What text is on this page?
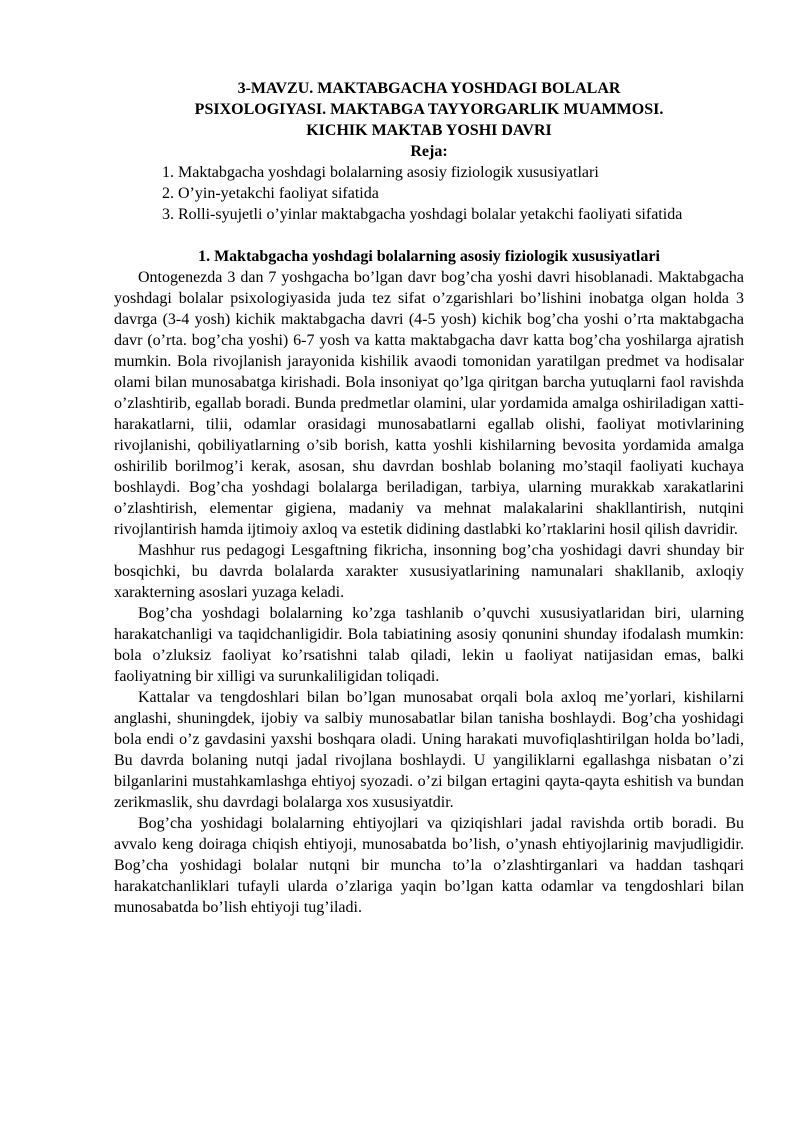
3-MAVZU. MAKTABGACHA YOSHDAGI BOLALAR
PSIXOLOGIYASI. MAKTABGA TAYYORGARLIK MUAMMOSI.
KICHIK MAKTAB YOSHI DAVRI
Reja:

1. Maktabgacha yoshdagi bolalarning asosiy fiziologik xususiyatlari

2. O’yin-yetakchi faoliyat sifatida

3. Rolli-syujetli o’yinlar maktabgacha yoshdagi bolalar yetakchi faoliyati sifatida

1. Maktabgacha yoshdagi bolalarning asosiy fiziologik xususiyatlari

Ontogenezda 3 dan 7 yoshgacha bo’lgan davr bog’cha yoshi davri hisoblanadi. Maktabgacha yoshdagi bolalar psixologiyasida juda tez sifat o’zgarishlari bo’lishini inobatga olgan holda 3 davrga (3-4 yosh) kichik maktabgacha davri (4-5 yosh) kichik bog’cha yoshi o’rta maktabgacha davr (o’rta. bog’cha yoshi) 6-7 yosh va katta maktabgacha davr katta bog’cha yoshilarga ajratish mumkin. Bola rivojlanish jarayonida kishilik avaodi tomonidan yaratilgan predmet va hodisalar olami bilan munosabatga kirishadi. Bola insoniyat qo’lga qiritgan barcha yutuqlarni faol ravishda o’zlashtirib, egallab boradi. Bunda predmetlar olamini, ular yordamida amalga oshiriladigan xatti-harakatlarni, tilii, odamlar orasidagi munosabatlarni egallab olishi, faoliyat motivlarining rivojlanishi, qobiliyatlarning o’sib borish, katta yoshli kishilarning bevosita yordamida amalga oshirilib borilmog’i kerak, asosan, shu davrdan boshlab bolaning mo’staqil faoliyati kuchaya boshlaydi. Bog’cha yoshdagi bolalarga beriladigan, tarbiya, ularning murakkab xarakatlarini o’zlashtirish, elementar gigiena, madaniy va mehnat malakalarini shakllantirish, nutqini rivojlantirish hamda ijtimoiy axloq va estetik didining dastlabki ko’rtaklarini hosil qilish davridir.

Mashhur rus pedagogi Lesgaftning fikricha, insonning bog’cha yoshidagi davri shunday bir bosqichki, bu davrda bolalarda xarakter xususiyatlarining namunalari shakllanib, axloqiy xarakterning asoslari yuzaga keladi.

Bog’cha yoshdagi bolalarning ko’zga tashlanib o’quvchi xususiyatlaridan biri, ularning harakatchanligi va taqidchanligidir. Bola tabiatining asosiy qonunini shunday ifodalash mumkin: bola o’zluksiz faoliyat ko’rsatishni talab qiladi, lekin u faoliyat natijasidan emas, balki faoliyatning bir xilligi va surunkaliligidan toliqadi.

Kattalar va tengdoshlari bilan bo’lgan munosabat orqali bola axloq me’yorlari, kishilarni anglashi, shuningdek, ijobiy va salbiy munosabatlar bilan tanisha boshlaydi. Bog’cha yoshidagi bola endi o’z gavdasini yaxshi boshqara oladi. Uning harakati muvofiqlashtirilgan holda bo’ladi, Bu davrda bolaning nutqi jadal rivojlana boshlaydi. U yangiliklarni egallashga nisbatan o’zi bilganlarini mustahkamlashga ehtiyoj syozadi. o’zi bilgan ertagini qayta-qayta eshitish va bundan zerikmaslik, shu davrdagi bolalarga xos xususiyatdir.

Bog’cha yoshidagi bolalarning ehtiyojlari va qiziqishlari jadal ravishda ortib boradi. Bu avvalo keng doiraga chiqish ehtiyoji, munosabatda bo’lish, o’ynash ehtiyojlarinig mavjudligidir. Bog’cha yoshidagi bolalar nutqni bir muncha to’la o’zlashtirganlari va haddan tashqari harakatchanliklari tufayli ularda o’zlariga yaqin bo’lgan katta odamlar va tengdoshlari bilan munosabatda bo’lish ehtiyoji tug’iladi.
